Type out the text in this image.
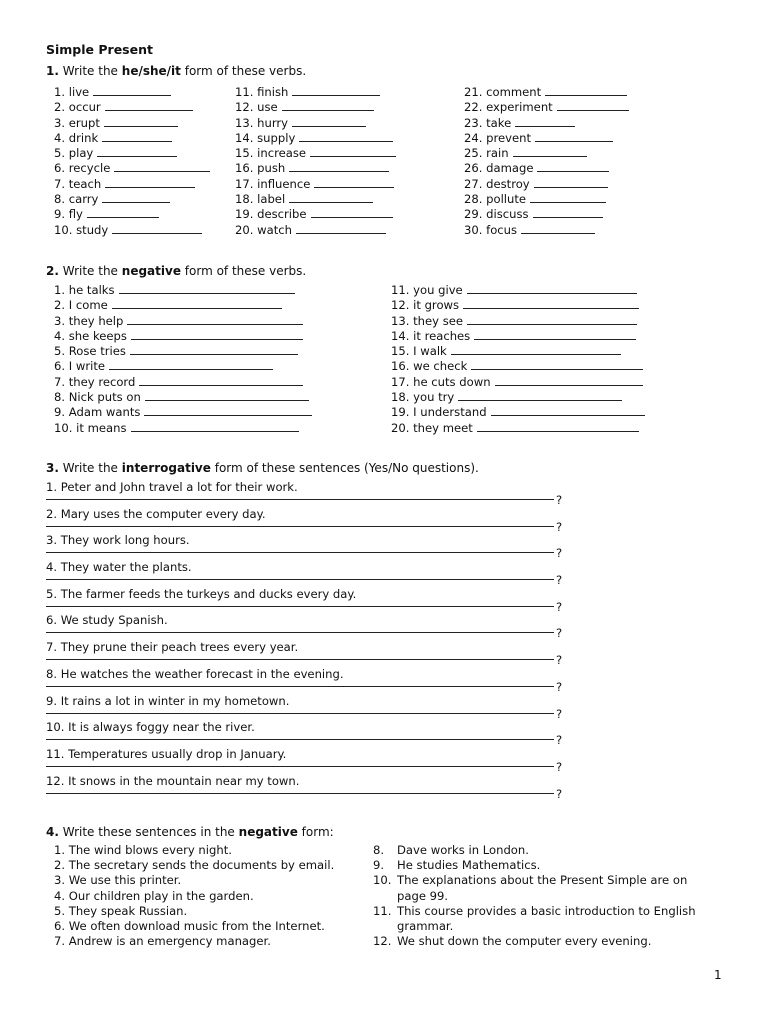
Simple Present
1. Write the he/she/it form of these verbs.
1. live
2. occur
3. erupt
4. drink
5. play
6. recycle
7. teach
8. carry
9. fly
10. study
11. finish
12. use
13. hurry
14. supply
15. increase
16. push
17. influence
18. label
19. describe
20. watch
21. comment
22. experiment
23. take
24. prevent
25. rain
26. damage
27. destroy
28. pollute
29. discuss
30. focus
2. Write the negative form of these verbs.
1. he talks
2. I come
3. they help
4. she keeps
5. Rose tries
6. I write
7. they record
8. Nick puts on
9. Adam wants
10. it means
11. you give
12. it grows
13. they see
14. it reaches
15. I walk
16. we check
17. he cuts down
18. you try
19. I understand
20. they meet
3. Write the interrogative form of these sentences (Yes/No questions).
1. Peter and John travel a lot for their work.
?
2. Mary uses the computer every day.
?
3. They work long hours.
?
4. They water the plants.
?
5. The farmer feeds the turkeys and ducks every day.
?
6. We study Spanish.
?
7. They prune their peach trees every year.
?
8. He watches the weather forecast in the evening.
?
9. It rains a lot in winter in my hometown.
?
10. It is always foggy near the river.
?
11. Temperatures usually drop in January.
?
12. It snows in the mountain near my town.
?
4. Write these sentences in the negative form:
1. The wind blows every night.
2. The secretary sends the documents by email.
3. We use this printer.
4. Our children play in the garden.
5. They speak Russian.
6. We often download music from the Internet.
7. Andrew is an emergency manager.
8.	Dave works in London.
9.	He studies Mathematics.
10. The explanations about the Present Simple are on page 99.
11. This course provides a basic introduction to English grammar.
12. We shut down the computer every evening.
1
